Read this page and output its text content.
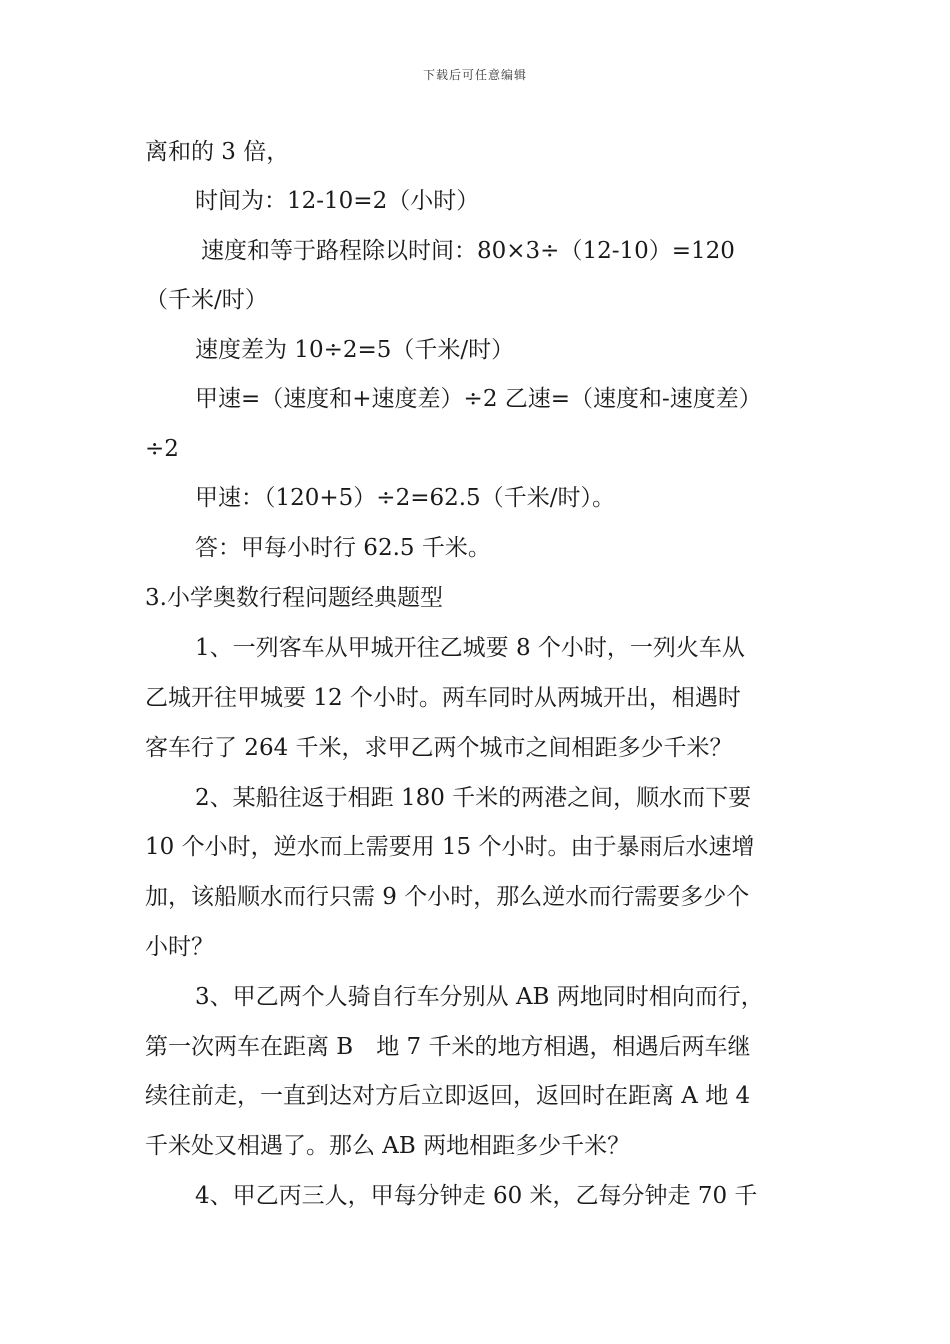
下载后可任意编辑
离和的 3 倍，
时间为：12-10=2（小时）
速度和等于路程除以时间：80×3÷（12-10）=120
（千米/时）
速度差为 10÷2=5（千米/时）
甲速=（速度和+速度差）÷2 乙速=（速度和-速度差）
÷2
甲速：（120+5）÷2=62.5（千米/时）。
答：甲每小时行 62.5 千米。
3.小学奥数行程问题经典题型
1、一列客车从甲城开往乙城要 8 个小时，一列火车从
乙城开往甲城要 12 个小时。两车同时从两城开出，相遇时
客车行了 264 千米，求甲乙两个城市之间相距多少千米？
2、某船往返于相距 180 千米的两港之间，顺水而下要
10 个小时，逆水而上需要用 15 个小时。由于暴雨后水速增
加，该船顺水而行只需 9 个小时，那么逆水而行需要多少个
小时？
3、甲乙两个人骑自行车分别从 AB 两地同时相向而行，
第一次两车在距离 B　地 7 千米的地方相遇，相遇后两车继
续往前走，一直到达对方后立即返回，返回时在距离 A 地 4
千米处又相遇了。那么 AB 两地相距多少千米？
4、甲乙丙三人，甲每分钟走 60 米，乙每分钟走 70 千
